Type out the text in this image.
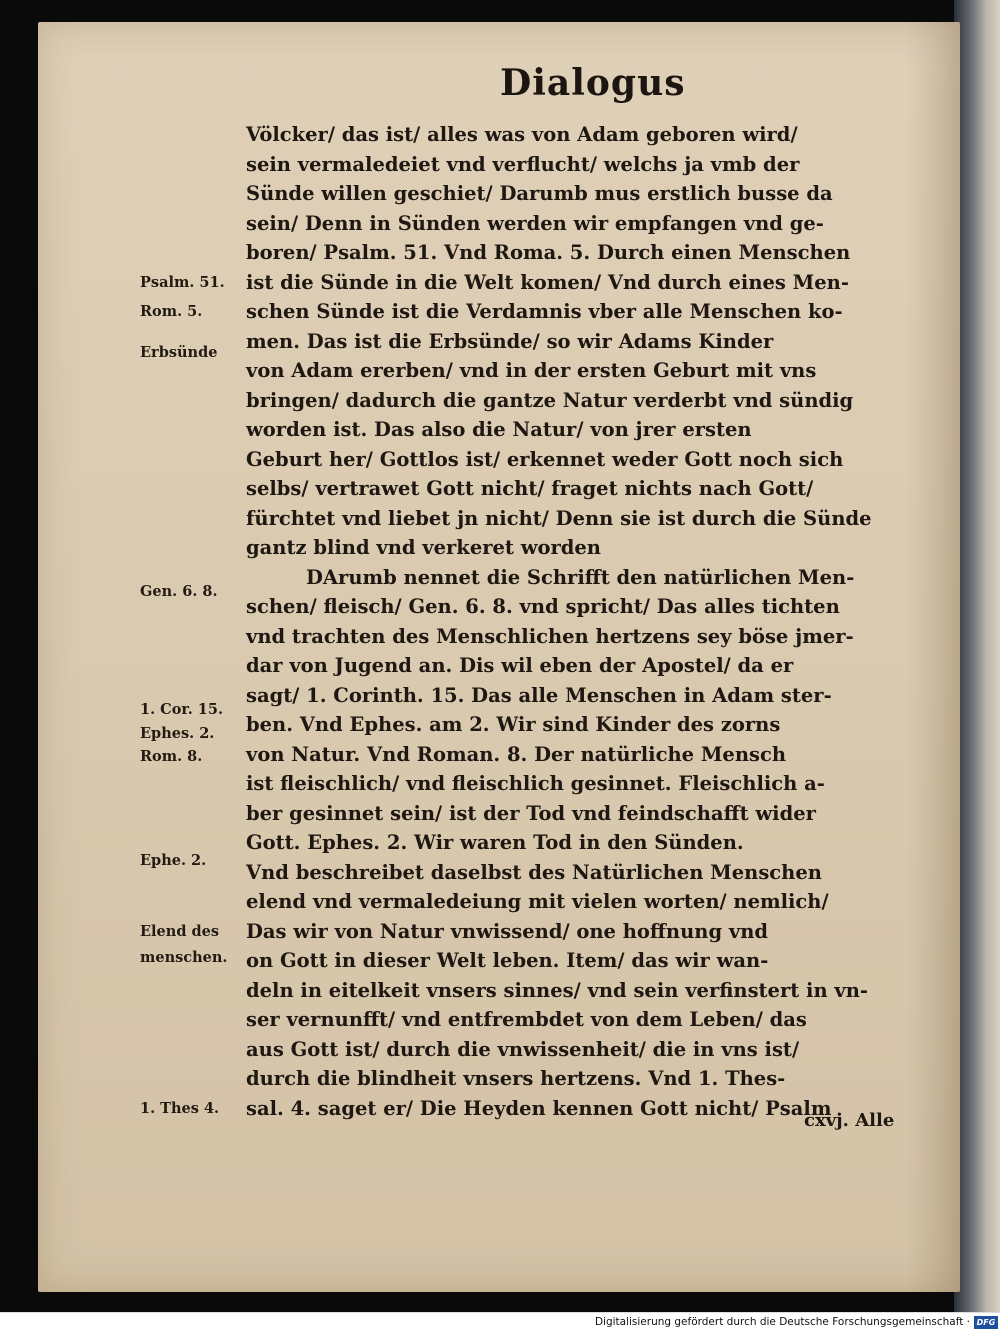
Dialogus
Völcker/ das ist/ alles was von Adam geboren wird/
sein vermaledeiet vnd verflucht/ welchs ja vmb der
Sünde willen geschiet/ Darumb mus erstlich busse da
sein/ Denn in Sünden werden wir empfangen vnd ge-
boren/ Psalm. 51. Vnd Roma. 5. Durch einen Menschen
ist die Sünde in die Welt komen/ Vnd durch eines Men-
schen Sünde ist die Verdamnis vber alle Menschen ko-
men. Das ist die Erbsünde/ so wir Adams Kinder
von Adam ererben/ vnd in der ersten Geburt mit vns
bringen/ dadurch die gantze Natur verderbt vnd sündig
worden ist. Das also die Natur/ von jrer ersten
Geburt her/ Gottlos ist/ erkennet weder Gott noch sich
selbs/ vertrawet Gott nicht/ fraget nichts nach Gott/
fürchtet vnd liebet jn nicht/ Denn sie ist durch die Sünde
gantz blind vnd verkeret worden
DArumb nennet die Schrifft den natürlichen Men-
schen/ fleisch/ Gen. 6. 8. vnd spricht/ Das alles tichten
vnd trachten des Menschlichen hertzens sey böse jmer-
dar von Jugend an. Dis wil eben der Apostel/ da er
sagt/ 1. Corinth. 15. Das alle Menschen in Adam ster-
ben. Vnd Ephes. am 2. Wir sind Kinder des zorns
von Natur. Vnd Roman. 8. Der natürliche Mensch
ist fleischlich/ vnd fleischlich gesinnet. Fleischlich a-
ber gesinnet sein/ ist der Tod vnd feindschafft wider
Gott. Ephes. 2. Wir waren Tod in den Sünden.
Vnd beschreibet daselbst des Natürlichen Menschen
elend vnd vermaledeiung mit vielen worten/ nemlich/
Das wir von Natur vnwissend/ one hoffnung vnd
on Gott in dieser Welt leben. Item/ das wir wan-
deln in eitelkeit vnsers sinnes/ vnd sein verfinstert in vn-
ser vernunfft/ vnd entfrembdet von dem Leben/ das
aus Gott ist/ durch die vnwissenheit/ die in vns ist/
durch die blindheit vnsers hertzens. Vnd 1. Thes-
sal. 4. saget er/ Die Heyden kennen Gott nicht/ Psalm
Psalm. 51.
Rom. 5.
Erbsünde
Gen. 6. 8.
1. Cor. 15.
Ephes. 2.
Rom. 8.
Ephe. 2.
Elend des
menschen.
1. Thes 4.
cxvj. Alle
Digitalisierung gefördert durch die Deutsche Forschungsgemeinschaft · DFG
